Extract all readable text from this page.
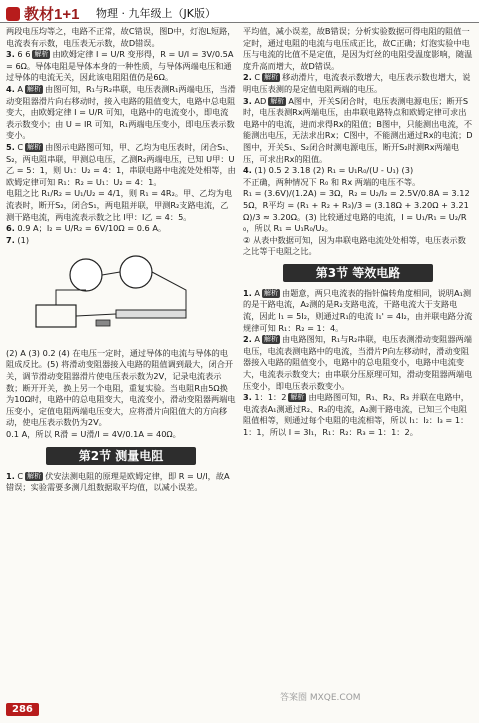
教材1+1 物理 · 九年级上（JK版）

两段电压均等之，电路不正常，故C错误，图D中，灯泡L短路，电流表有示数，电压表无示数，故D错误。

3. 6 6 解析 由欧姆定律 I = U/R 变形得，R = U/I = 3V/0.5A = 6Ω。导体电阻是导体本身的一种性质，与导体两端电压和通过导体的电流无关，因此该电阻阻值仍是6Ω。

4. A 解析 由图可知，R₁与R₂串联，电压表测R₁两端电压，当滑动变阻器滑片向右移动时，接入电路的阻值变大，电路中总电阻变大，由欧姆定律 I = U/R 可知，电路中的电流变小，即电流表示数变小；由 U = IR 可知，R₁两端电压变小，即电压表示数变小。

5. C 解析 由图示电路图可知，甲、乙均为电压表时，闭合S₁、S₂，两电阻串联，甲测总电压，乙测R₂两端电压，已知 U甲：U乙 = 5：1，则 U₁：U₂ = 4：1，串联电路中电流处处相等，由欧姆定律可知 R₁：R₂ = U₁：U₂ = 4：1。

电阻之比 R₁/R₂ = U₁/U₂ = 4/1，则 R₁ = 4R₂。甲、乙均为电流表时，断开S₂，闭合S₁，两电阻并联，甲测R₂支路电流，乙测干路电流，两电流表示数之比 I甲：I乙 = 4：5。

6. 0.9 A；I₂ = U/R₂ = 6V/10Ω = 0.6 A。

7. (1)

(2) A (3) 0.2 (4) 在电压一定时，通过导体的电流与导体的电阻成反比。(5) 将滑动变阻器接入电路的阻值调到最大，闭合开关，调节滑动变阻器滑片使电压表示数为2V，记录电流表示数；断开开关，换上另一个电阻，重复实验。当电阻R由5Ω换为10Ω时，电路中的总电阻变大，电流变小，滑动变阻器两端电压变小，定值电阻两端电压变大，应将滑片向阻值大的方向移动，使电压表示数仍为2V。

0.1 A，所以 R滑 = U滑/I = 4V/0.1A = 40Ω。

第2节 测量电阻

1. C 解析 伏安法测电阻的原理是欧姆定律，即 R = U/I，故A错误；实验需要多测几组数据取平均值，以减小误差。

平均值，减小误差，故B错误；分析实验数据可得电阻的阻值一定时，通过电阻的电流与电压成正比，故C正确；灯泡实验中电压与电流的比值不是定值，是因为灯丝的电阻受温度影响，随温度升高而增大，故D错误。

2. C 解析 移动滑片，电流表示数增大，电压表示数也增大，说明电压表测的是定值电阻两端的电压。

3. AD 解析 A图中，开关S闭合时，电压表测电源电压；断开S时，电压表测Rx两端电压，由串联电路特点和欧姆定律可求出电路中的电流，进而求得Rx的阻值；B图中，只能测出电流，不能测出电压，无法求出Rx；C图中，不能测出通过Rx的电流；D图中，开关S₁、S₂闭合时测电源电压，断开S₂时测Rx两端电压，可求出Rx的阻值。

4. (1) 0.5 2 3.18 (2) R₁ = U₁R₀/(U - U₁) (3)

不正确，两种情况下 R₀ 和 Rx 两端的电压不等。

R₁ = (3.6V)/(1.2A) = 3Ω，R₂ = U₂/I₂ = 2.5V/0.8A = 3.125Ω，R平均 = (R₁ + R₂ + R₃)/3 = (3.18Ω + 3.20Ω + 3.21Ω)/3 ≈ 3.20Ω。(3) 比较通过电路的电流，I = U₁/R₁ = U₂/R₀，所以 R₁ = U₁R₀/U₂。

② 从表中数据可知，因为串联电路电流处处相等，电压表示数之比等于电阻之比。

第3节 等效电路

1. A 解析 由题意，两只电流表的指针偏转角度相同，说明A₁测的是干路电流，A₂测的是R₂支路电流，干路电流大于支路电流，因此 I₁ = 5I₂，则通过R₁的电流 I₁' = 4I₂，由并联电路分流规律可知 R₁：R₂ = 1：4。

2. A 解析 由电路图知，R₁与R₂串联，电压表测滑动变阻器两端电压，电流表测电路中的电流，当滑片P向左移动时，滑动变阻器接入电路的阻值变小，电路中的总电阻变小，电路中电流变大，电流表示数变大；由串联分压原理可知，滑动变阻器两端电压变小，即电压表示数变小。

3. 1：1：2 解析 由电路图可知，R₁、R₂、R₃ 并联在电路中，电流表A₁测通过R₂、R₃的电流，A₂测干路电流，已知三个电阻阻值相等，则通过每个电阻的电流相等，所以 I₁：I₂：I₃ = 1：1：1，所以 I = 3I₁，R₁：R₂：R₃ = 1：1：2。

286
答案圈 MXQE.COM
